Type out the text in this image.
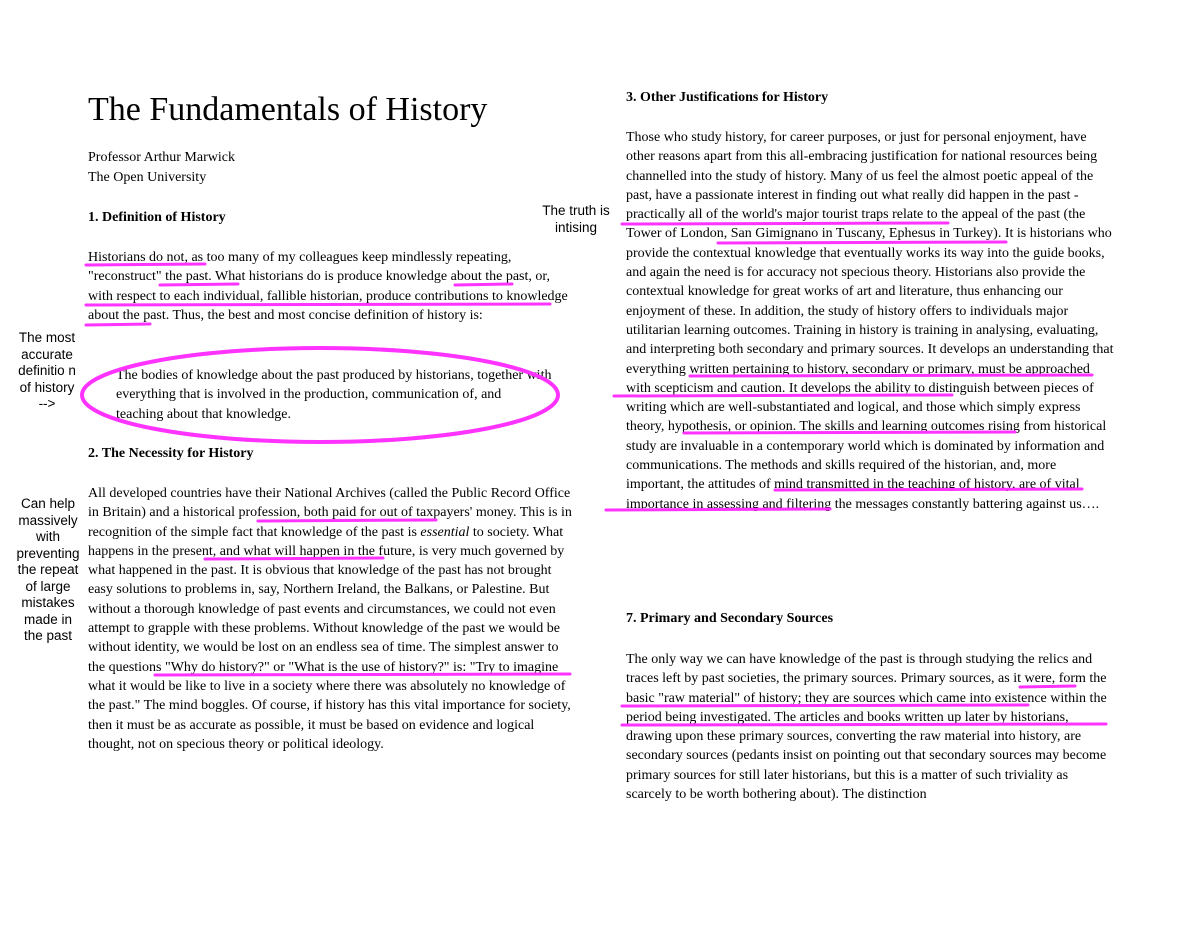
The Fundamentals of History
Professor Arthur Marwick
The Open University
1. Definition of History

Historians do not, as too many of my colleagues keep mindlessly repeating, "reconstruct" the past. What historians do is produce knowledge about the past, or, with respect to each individual, fallible historian, produce contributions to knowledge about the past. Thus, the best and most concise definition of history is:

The bodies of knowledge about the past produced by historians, together with everything that is involved in the production, communication of, and teaching about that knowledge.

2. The Necessity for History

All developed countries have their National Archives (called the Public Record Office in Britain) and a historical profession, both paid for out of taxpayers' money. This is in recognition of the simple fact that knowledge of the past is essential to society. What happens in the present, and what will happen in the future, is very much governed by what happened in the past. It is obvious that knowledge of the past has not brought easy solutions to problems in, say, Northern Ireland, the Balkans, or Palestine. But without a thorough knowledge of past events and circumstances, we could not even attempt to grapple with these problems. Without knowledge of the past we would be without identity, we would be lost on an endless sea of time. The simplest answer to the questions "Why do history?" or "What is the use of history?" is: "Try to imagine what it would be like to live in a society where there was absolutely no knowledge of the past." The mind boggles. Of course, if history has this vital importance for society, then it must be as accurate as possible, it must be based on evidence and logical thought, not on specious theory or political ideology.

3. Other Justifications for History

Those who study history, for career purposes, or just for personal enjoyment, have other reasons apart from this all-embracing justification for national resources being channelled into the study of history. Many of us feel the almost poetic appeal of the past, have a passionate interest in finding out what really did happen in the past - practically all of the world's major tourist traps relate to the appeal of the past (the Tower of London, San Gimignano in Tuscany, Ephesus in Turkey). It is historians who provide the contextual knowledge that eventually works its way into the guide books, and again the need is for accuracy not specious theory. Historians also provide the contextual knowledge for great works of art and literature, thus enhancing our enjoyment of these. In addition, the study of history offers to individuals major utilitarian learning outcomes. Training in history is training in analysing, evaluating, and interpreting both secondary and primary sources. It develops an understanding that everything written pertaining to history, secondary or primary, must be approached with scepticism and caution. It develops the ability to distinguish between pieces of writing which are well-substantiated and logical, and those which simply express theory, hypothesis, or opinion. The skills and learning outcomes rising from historical study are invaluable in a contemporary world which is dominated by information and communications. The methods and skills required of the historian, and, more important, the attitudes of mind transmitted in the teaching of history, are of vital importance in assessing and filtering the messages constantly battering against us….

7. Primary and Secondary Sources

The only way we can have knowledge of the past is through studying the relics and traces left by past societies, the primary sources. Primary sources, as it were, form the basic "raw material" of history; they are sources which came into existence within the period being investigated. The articles and books written up later by historians, drawing upon these primary sources, converting the raw material into history, are secondary sources (pedants insist on pointing out that secondary sources may become primary sources for still later historians, but this is a matter of such triviality as scarcely to be worth bothering about). The distinction

The truth is intising
The most accurate definitio n of history -->
Can help massively with preventing the repeat of large mistakes made in the past
